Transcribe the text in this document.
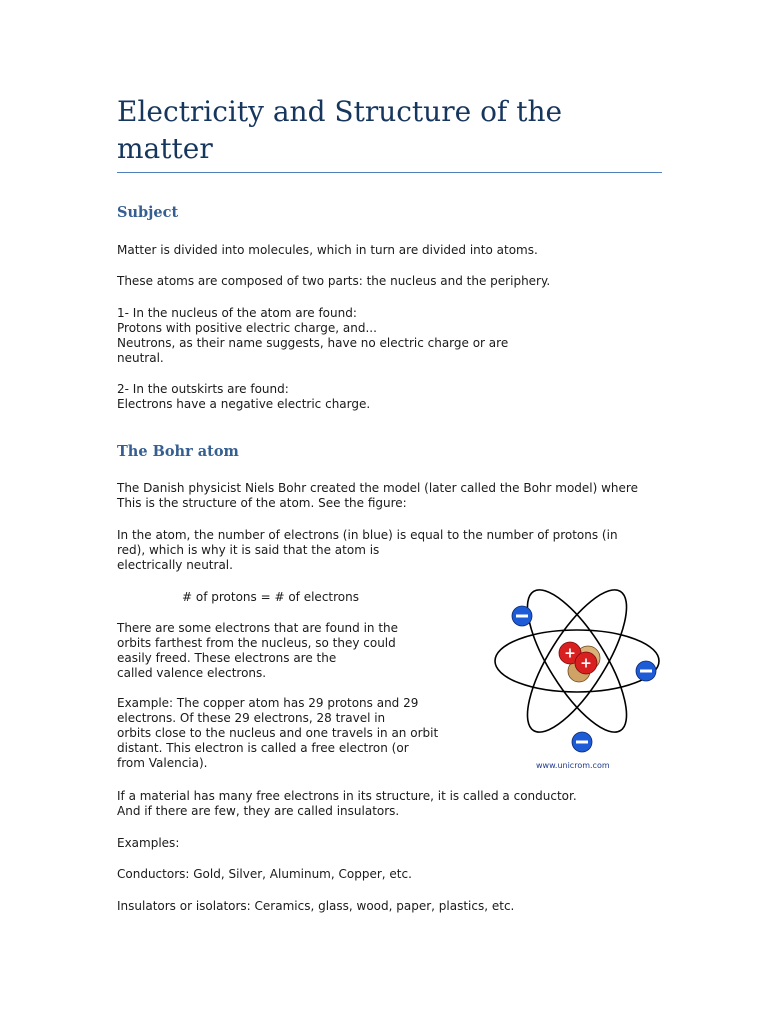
Electricity and Structure of the matter
Subject

Matter is divided into molecules, which in turn are divided into atoms.

These atoms are composed of two parts: the nucleus and the periphery.

1- In the nucleus of the atom are found:
Protons with positive electric charge, and...
Neutrons, as their name suggests, have no electric charge or are
neutral.

2- In the outskirts are found:
Electrons have a negative electric charge.

The Bohr atom

The Danish physicist Niels Bohr created the model (later called the Bohr model) where
This is the structure of the atom. See the figure:

In the atom, the number of electrons (in blue) is equal to the number of protons (in
red), which is why it is said that the atom is
electrically neutral.

# of protons = # of electrons

There are some electrons that are found in the
orbits farthest from the nucleus, so they could
easily freed. These electrons are the
called valence electrons.

Example: The copper atom has 29 protons and 29
electrons. Of these 29 electrons, 28 travel in
orbits close to the nucleus and one travels in an orbit
distant. This electron is called a free electron (or
from Valencia).

If a material has many free electrons in its structure, it is called a conductor.
And if there are few, they are called insulators.

Examples:

Conductors: Gold, Silver, Aluminum, Copper, etc.

Insulators or isolators: Ceramics, glass, wood, paper, plastics, etc.

+
+
www.unicrom.com
